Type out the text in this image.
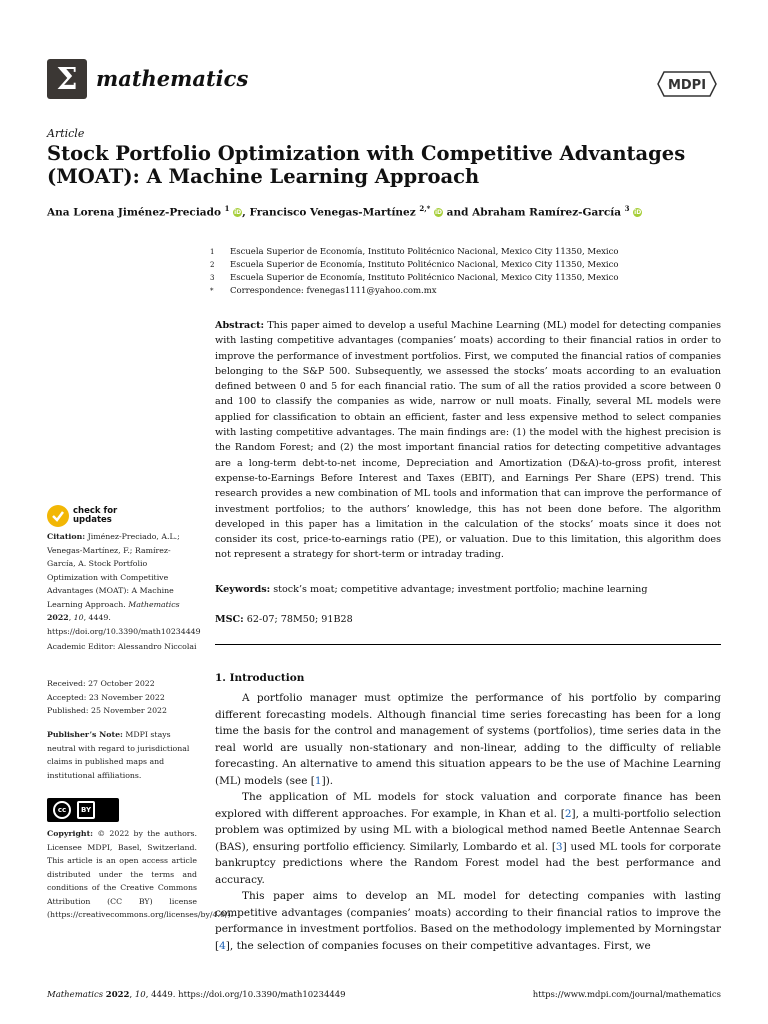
Σ mathematics	MDPI
Article
Stock Portfolio Optimization with Competitive Advantages (MOAT): A Machine Learning Approach
Ana Lorena Jiménez-Preciado $^1$ iD, Francisco Venegas-Martínez $^{2,*}$ iD and Abraham Ramírez-García $^3$ iD
1	Escuela Superior de Economía, Instituto Politécnico Nacional, Mexico City 11350, Mexico
2	Escuela Superior de Economía, Instituto Politécnico Nacional, Mexico City 11350, Mexico
3	Escuela Superior de Economía, Instituto Politécnico Nacional, Mexico City 11350, Mexico
*	Correspondence: fvenegas1111@yahoo.com.mx
Abstract: This paper aimed to develop a useful Machine Learning (ML) model for detecting companies with lasting competitive advantages (companies’ moats) according to their financial ratios in order to improve the performance of investment portfolios. First, we computed the financial ratios of companies belonging to the S&P 500. Subsequently, we assessed the stocks’ moats according to an evaluation defined between 0 and 5 for each financial ratio. The sum of all the ratios provided a score between 0 and 100 to classify the companies as wide, narrow or null moats. Finally, several ML models were applied for classification to obtain an efficient, faster and less expensive method to select companies with lasting competitive advantages. The main findings are: (1) the model with the highest precision is the Random Forest; and (2) the most important financial ratios for detecting competitive advantages are a long-term debt-to-net income, Depreciation and Amortization (D&A)-to-gross profit, interest expense-to-Earnings Before Interest and Taxes (EBIT), and Earnings Per Share (EPS) trend. This research provides a new combination of ML tools and information that can improve the performance of investment portfolios; to the authors’ knowledge, this has not been done before. The algorithm developed in this paper has a limitation in the calculation of the stocks’ moats since it does not consider its cost, price-to-earnings ratio (PE), or valuation. Due to this limitation, this algorithm does not represent a strategy for short-term or intraday trading.
Keywords: stock’s moat; competitive advantage; investment portfolio; machine learning
MSC: 62-07; 78M50; 91B28
check for
updates
Citation: Jiménez-Preciado, A.L.; Venegas-Martínez, F.; Ramírez-García, A. Stock Portfolio Optimization with Competitive Advantages (MOAT): A Machine Learning Approach. Mathematics 2022, 10, 4449. https://doi.org/10.3390/math10234449
Academic Editor: Alessandro Niccolai
Received: 27 October 2022
Accepted: 23 November 2022
Published: 25 November 2022
Publisher’s Note: MDPI stays neutral with regard to jurisdictional claims in published maps and institutional affiliations.
cc	BY
Copyright: © 2022 by the authors. Licensee MDPI, Basel, Switzerland. This article is an open access article distributed under the terms and conditions of the Creative Commons Attribution (CC BY) license (https://creativecommons.org/licenses/by/4.0/).
1. Introduction

A portfolio manager must optimize the performance of his portfolio by comparing different forecasting models. Although financial time series forecasting has been for a long time the basis for the control and management of systems (portfolios), time series data in the real world are usually non-stationary and non-linear, adding to the difficulty of reliable forecasting. An alternative to amend this situation appears to be the use of Machine Learning (ML) models (see [1]).

The application of ML models for stock valuation and corporate finance has been explored with different approaches. For example, in Khan et al. [2], a multi-portfolio selection problem was optimized by using ML with a biological method named Beetle Antennae Search (BAS), ensuring portfolio efficiency. Similarly, Lombardo et al. [3] used ML tools for corporate bankruptcy predictions where the Random Forest model had the best performance and accuracy.

This paper aims to develop an ML model for detecting companies with lasting competitive advantages (companies’ moats) according to their financial ratios to improve the performance in investment portfolios. Based on the methodology implemented by Morningstar [4], the selection of companies focuses on their competitive advantages. First, we

Mathematics 2022, 10, 4449. https://doi.org/10.3390/math10234449	https://www.mdpi.com/journal/mathematics
